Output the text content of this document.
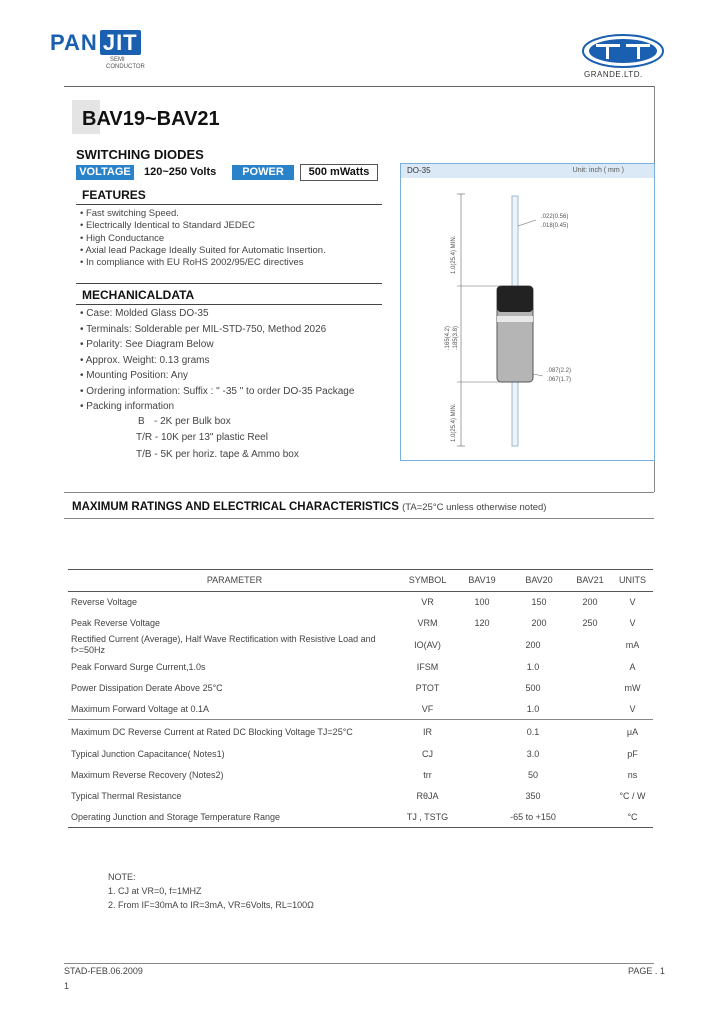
PAN JIT
SEMI
CONDUCTOR
GRANDE.LTD.
BAV19~BAV21
SWITCHING DIODES
VOLTAGE 120~250 Volts	POWER	500 mWatts
FEATURES
• Fast switching Speed.
• Electrically Identical to Standard JEDEC
• High Conductance
• Axial lead Package Ideally Suited for Automatic Insertion.
• In compliance with EU RoHS 2002/95/EC directives
MECHANICALDATA
• Case: Molded Glass DO-35
• Terminals: Solderable per MIL-STD-750, Method 2026
• Polarity: See Diagram Below
• Approx. Weight: 0.13 grams
• Mounting Position: Any
• Ordering information: Suffix : " -35 " to order DO-35 Package
• Packing information
B - 2K per Bulk box
T/R - 10K per 13" plastic Reel
T/B - 5K per horiz. tape & Ammo box
DO-35	Unit: inch ( mm )
.022(0.56)
.018(0.45)
1.0(25.4) MIN.
.165(4.2) .185(3.8)
.087(2.2)
.067(1.7)
1.0(25.4) MIN.
MAXIMUM RATINGS AND ELECTRICAL CHARACTERISTICS (TA=25°C unless otherwise noted)
PARAMETER	SYMBOL	BAV19	BAV20	BAV21	UNITS
Reverse Voltage	VR	100	150	200	V
Peak Reverse Voltage	VRM	120	200	250	V
Rectified Current (Average), Half Wave Rectification with Resistive Load and f>=50Hz	IO(AV)	200			mA
Peak Forward Surge Current,1.0s	IFSM	1.0			A
Power Dissipation Derate Above 25°C	PTOT	500			mW
Maximum Forward Voltage at 0.1A	VF	1.0			V
Maximum DC Reverse Current at Rated DC Blocking Voltage TJ=25°C	IR	0.1			μA
Typical Junction Capacitance( Notes1)	CJ	3.0			pF
Maximum Reverse Recovery (Notes2)	trr	50			ns
Typical Thermal Resistance	RθJA	350			°C / W
Operating Junction and Storage Temperature Range	TJ , TSTG	-65 to +150			°C
NOTE:
1. CJ at VR=0, f=1MHZ
2. From IF=30mA to IR=3mA, VR=6Volts, RL=100Ω
STAD-FEB.06.2009
1
PAGE . 1
